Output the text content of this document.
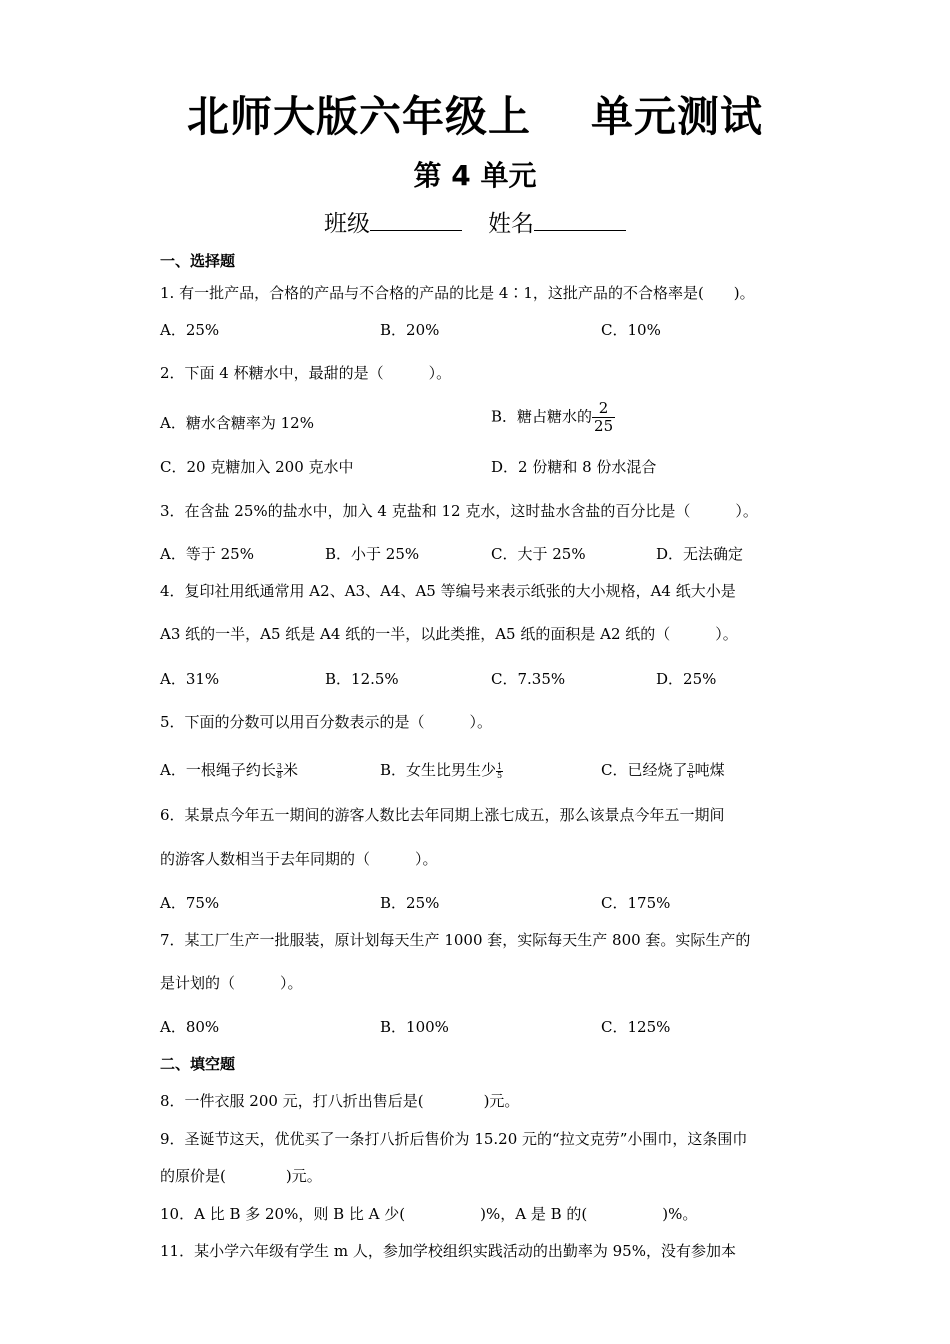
北师大版六年级上 单元测试
第 4 单元
班级	姓名
一、选择题
1. 有一批产品，合格的产品与不合格的产品的比是 4∶1，这批产品的不合格率是(　　)。
A．25%	B．20%	C．10%
2．下面 4 杯糖水中，最甜的是（　　　）。
A．糖水含糖率为 12%	B．糖占糖水的 $\frac{2}{25}$
C．20 克糖加入 200 克水中	D．2 份糖和 8 份水混合
3．在含盐 25%的盐水中，加入 4 克盐和 12 克水，这时盐水含盐的百分比是（　　　）。
A．等于 25%	B．小于 25%	C．大于 25%	D．无法确定
4．复印社用纸通常用 A2、A3、A4、A5 等编号来表示纸张的大小规格，A4 纸大小是
A3 纸的一半，A5 纸是 A4 纸的一半，以此类推，A5 纸的面积是 A2 纸的（　　　）。
A．31%	B．12.5%	C．7.35%	D．25%
5．下面的分数可以用百分数表示的是（　　　）。
A．一根绳子约长 $\frac{3}{8}$ 米	B．女生比男生少 $\frac{1}{5}$	C．已经烧了 $\frac{5}{6}$ 吨煤
6．某景点今年五一期间的游客人数比去年同期上涨七成五，那么该景点今年五一期间
的游客人数相当于去年同期的（　　　）。
A．75%	B．25%	C．175%
7．某工厂生产一批服装，原计划每天生产 1000 套，实际每天生产 800 套。实际生产的
是计划的（　　　）。
A．80%	B．100%	C．125%
二、填空题
8．一件衣服 200 元，打八折出售后是(　　　　)元。
9．圣诞节这天，优优买了一条打八折后售价为 15.20 元的“拉文克劳”小围巾，这条围巾
的原价是(　　　　)元。
10．A 比 B 多 20%，则 B 比 A 少(　　　　　)%，A 是 B 的(　　　　　)%。
11．某小学六年级有学生 m 人，参加学校组织实践活动的出勤率为 95%，没有参加本
